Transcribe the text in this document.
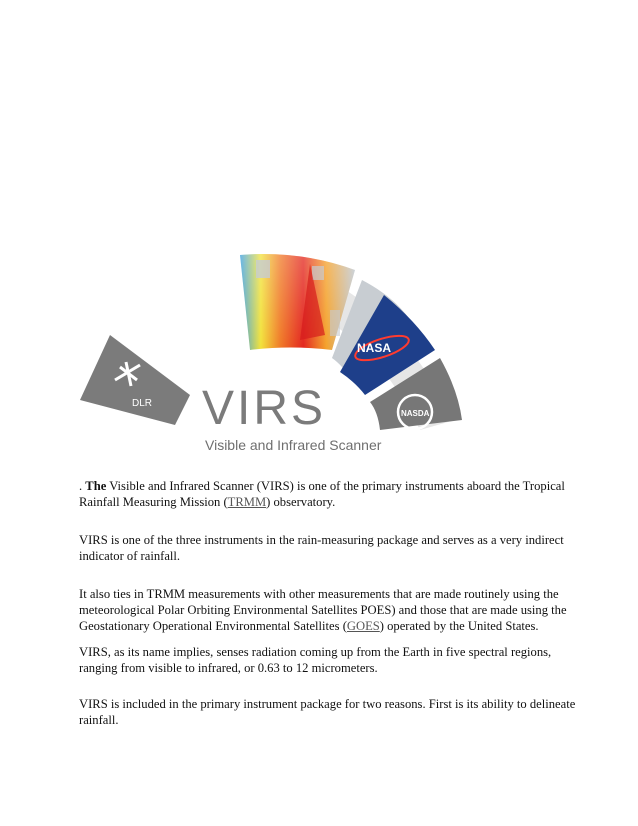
DLR
NASA
NASDA
VIRS
Visible and Infrared Scanner

. The Visible and Infrared Scanner (VIRS) is one of the primary instruments aboard the Tropical Rainfall Measuring Mission (TRMM) observatory.

VIRS is one of the three instruments in the rain-measuring package and serves as a very indirect indicator of rainfall.

It also ties in TRMM measurements with other measurements that are made routinely using the meteorological Polar Orbiting Environmental Satellites POES) and those that are made using the Geostationary Operational Environmental Satellites (GOES) operated by the United States.

VIRS, as its name implies, senses radiation coming up from the Earth in five spectral regions, ranging from visible to infrared, or 0.63 to 12 micrometers.

VIRS is included in the primary instrument package for two reasons. First is its ability to delineate rainfall.
